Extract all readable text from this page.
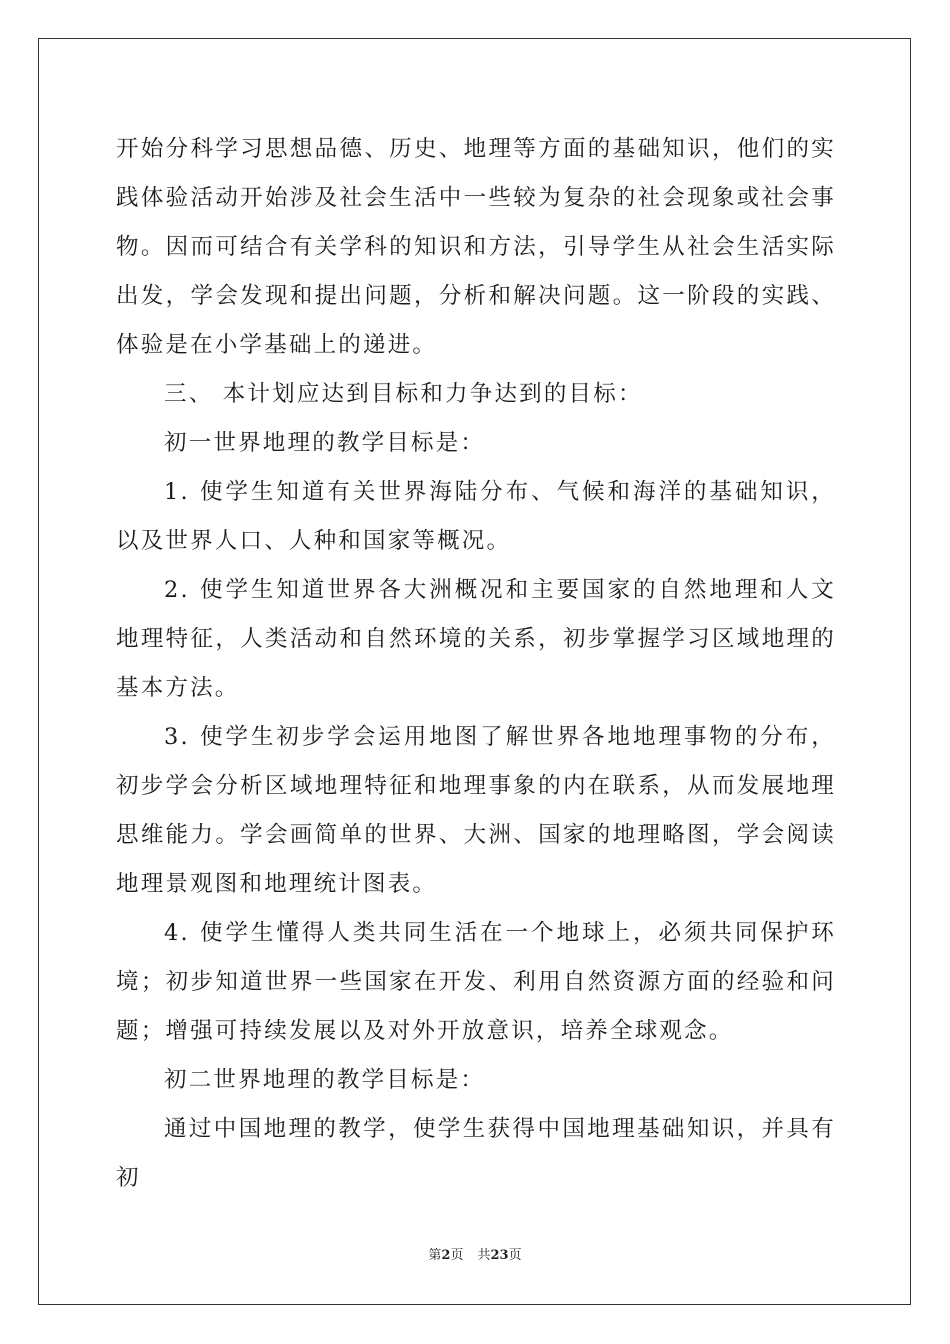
开始分科学习思想品德、历史、地理等方面的基础知识，他们的实践体验活动开始涉及社会生活中一些较为复杂的社会现象或社会事物。因而可结合有关学科的知识和方法，引导学生从社会生活实际出发，学会发现和提出问题，分析和解决问题。这一阶段的实践、体验是在小学基础上的递进。

三、 本计划应达到目标和力争达到的目标：

初一世界地理的教学目标是：

1. 使学生知道有关世界海陆分布、气候和海洋的基础知识，以及世界人口、人种和国家等概况。

2. 使学生知道世界各大洲概况和主要国家的自然地理和人文地理特征，人类活动和自然环境的关系，初步掌握学习区域地理的基本方法。

3. 使学生初步学会运用地图了解世界各地地理事物的分布，初步学会分析区域地理特征和地理事象的内在联系，从而发展地理思维能力。学会画简单的世界、大洲、国家的地理略图，学会阅读地理景观图和地理统计图表。

4. 使学生懂得人类共同生活在一个地球上，必须共同保护环境；初步知道世界一些国家在开发、利用自然资源方面的经验和问题；增强可持续发展以及对外开放意识，培养全球观念。

初二世界地理的教学目标是：

通过中国地理的教学，使学生获得中国地理基础知识，并具有初

第2页 共23页
